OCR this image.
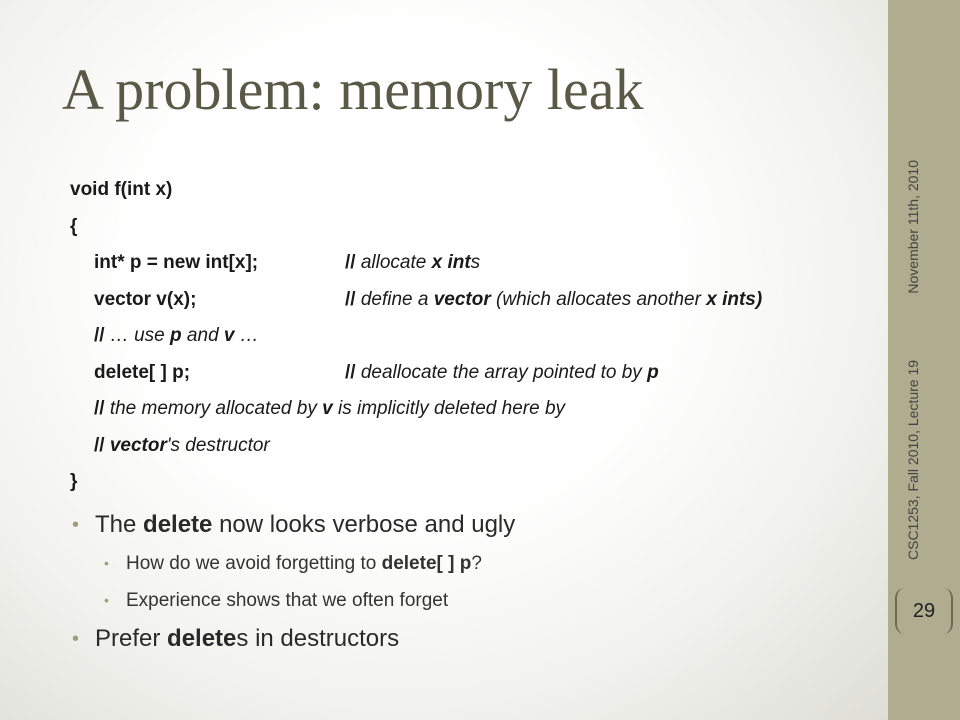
A problem: memory leak
void f(int x)
{
int* p = new int[x];	// allocate x ints
vector v(x);	// define a vector (which allocates another x ints)
// … use p and v …
delete[ ] p;	// deallocate the array pointed to by p
// the memory allocated by v is implicitly deleted here by
// vector's destructor
}
• The delete now looks verbose and ugly
• How do we avoid forgetting to delete[ ] p?
• Experience shows that we often forget
• Prefer deletes in destructors
CSC1253, Fall 2010, Lecture 19
November 11th, 2010
29
